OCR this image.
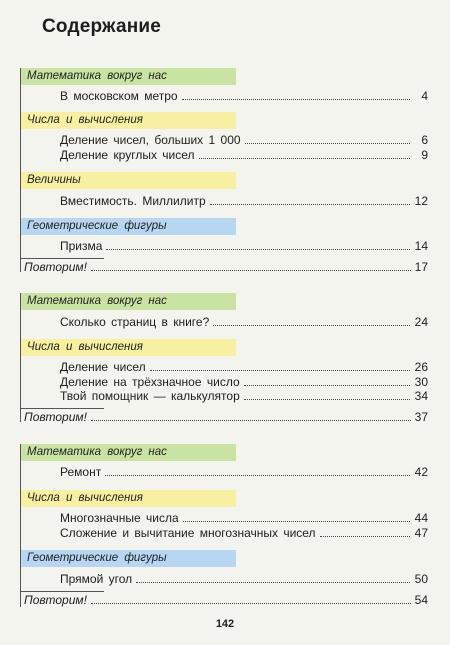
Содержание
Математика вокруг нас
В московском метро	4
Числа и вычисления
Деление чисел, больших 1 000	6
Деление круглых чисел	9
Величины
Вместимость. Миллилитр	12
Геометрические фигуры
Призма	14
Повторим!	17
Математика вокруг нас
Сколько страниц в книге?	24
Числа и вычисления
Деление чисел	26
Деление на трёхзначное число	30
Твой помощник — калькулятор	34
Повторим!	37
Математика вокруг нас
Ремонт	42
Числа и вычисления
Многозначные числа	44
Сложение и вычитание многозначных чисел	47
Геометрические фигуры
Прямой угол	50
Повторим!	54
142
